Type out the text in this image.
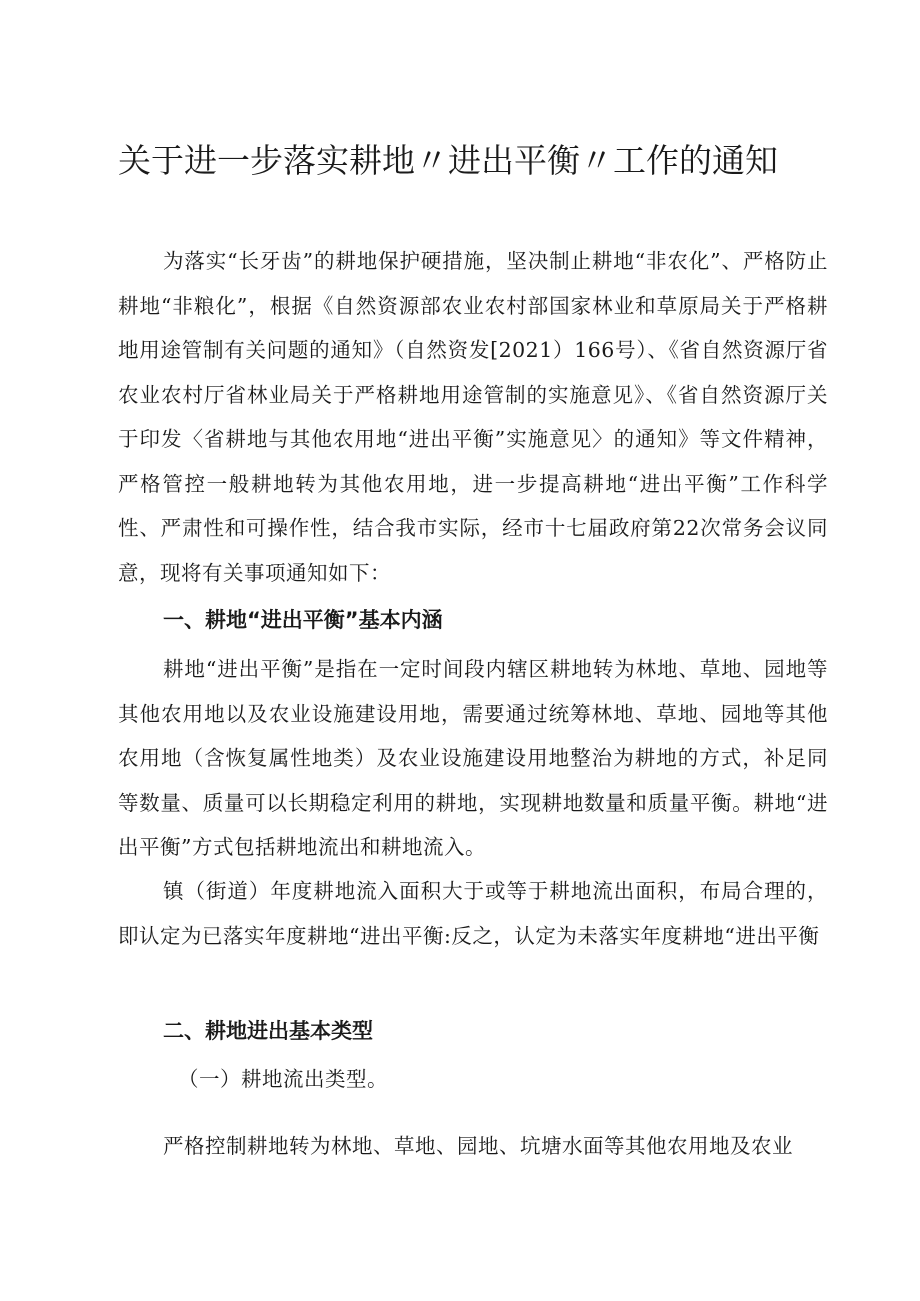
关于进一步落实耕地〃进出平衡〃工作的通知

为落实“长牙齿”的耕地保护硬措施，坚决制止耕地“非农化”、严格防止耕地“非粮化”，根据《自然资源部农业农村部国家林业和草原局关于严格耕地用途管制有关问题的通知》（自然资发[2021）166号）、《省自然资源厅省农业农村厅省林业局关于严格耕地用途管制的实施意见》、《省自然资源厅关于印发〈省耕地与其他农用地“进出平衡”实施意见〉的通知》等文件精神，严格管控一般耕地转为其他农用地，进一步提高耕地“进出平衡”工作科学性、严肃性和可操作性，结合我市实际，经市十七届政府第22次常务会议同意，现将有关事项通知如下：

一、耕地“进出平衡”基本内涵

耕地“进出平衡”是指在一定时间段内辖区耕地转为林地、草地、园地等其他农用地以及农业设施建设用地，需要通过统筹林地、草地、园地等其他农用地（含恢复属性地类）及农业设施建设用地整治为耕地的方式，补足同等数量、质量可以长期稳定利用的耕地，实现耕地数量和质量平衡。耕地“进出平衡”方式包括耕地流出和耕地流入。

镇（街道）年度耕地流入面积大于或等于耕地流出面积，布局合理的，即认定为已落实年度耕地“进出平衡:反之，认定为未落实年度耕地“进出平衡

二、耕地进出基本类型

（一）耕地流出类型。

严格控制耕地转为林地、草地、园地、坑塘水面等其他农用地及农业
